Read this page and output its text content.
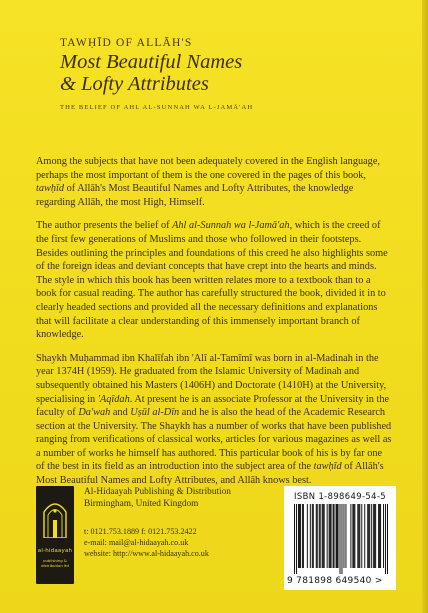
TAWḤĪD OF ALLĀH'S

Most Beautiful Names
& Lofty Attributes

THE BELIEF OF AHL AL-SUNNAH WA L-JAMĀ'AH

Among the subjects that have not been adequately covered in the English language, perhaps the most important of them is the one covered in the pages of this book, tawḥīd of Allāh's Most Beautiful Names and Lofty Attributes, the knowledge regarding Allāh, the most High, Himself.

The author presents the belief of Ahl al-Sunnah wa l-Jamā'ah, which is the creed of the first few generations of Muslims and those who followed in their footsteps. Besides outlining the principles and foundations of this creed he also highlights some of the foreign ideas and deviant concepts that have crept into the hearts and minds. The style in which this book has been written relates more to a textbook than to a book for casual reading. The author has carefully structured the book, divided it in to clearly headed sections and provided all the necessary definitions and explanations that will facilitate a clear understanding of this immensely important branch of knowledge.

Shaykh Muḥammad ibn Khalīfah ibn 'Alī al-Tamīmī was born in al-Madinah in the year 1374H (1959). He graduated from the Islamic University of Madinah and subsequently obtained his Masters (1406H) and Doctorate (1410H) at the University, specialising in 'Aqīdah. At present he is an associate Professor at the University in the faculty of Da'wah and Uṣūl al-Dīn and he is also the head of the Academic Research section at the University. The Shaykh has a number of works that have been published ranging from verifications of classical works, articles for various magazines as well as a number of works he himself has authored. This particular book of his is by far one of the best in its field as an introduction into the subject area of the tawḥīd of Allāh's Most Beautiful Names and Lofty Attributes, and Allāh knows best.

al-hidaayah
publishing & distribution ltd
Al-Hidaayah Publishing & Distribution
Birmingham, United Kingdom
t: 0121.753.1889 f: 0121.753.2422
e-mail: mail@al-hidaayah.co.uk
website: http://www.al-hidaayah.co.uk
ISBN 1-898649-54-5
9 781898 649540 >
